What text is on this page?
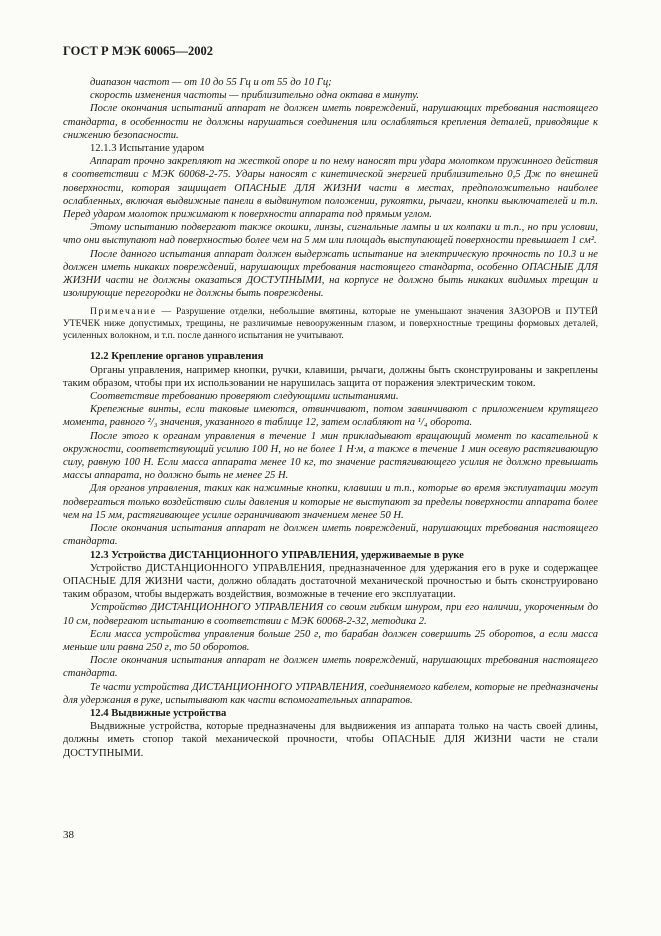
ГОСТ Р МЭК 60065—2002

диапазон частот — от 10 до 55 Гц и от 55 до 10 Гц;

скорость изменения частоты — приблизительно одна октава в минуту.

После окончания испытаний аппарат не должен иметь повреждений, нарушающих требования настоящего стандарта, в особенности не должны нарушаться соединения или ослабляться крепления деталей, приводящие к снижению безопасности.

12.1.3 Испытание ударом

Аппарат прочно закрепляют на жесткой опоре и по нему наносят три удара молотком пружинного действия в соответствии с МЭК 60068-2-75. Удары наносят с кинетической энергией приблизительно 0,5 Дж по внешней поверхности, которая защищает ОПАСНЫЕ ДЛЯ ЖИЗНИ части в местах, предположительно наиболее ослабленных, включая выдвижные панели в выдвинутом положении, рукоятки, рычаги, кнопки выключателей и т.п. Перед ударом молоток прижимают к поверхности аппарата под прямым углом.

Этому испытанию подвергают также окошки, линзы, сигнальные лампы и их колпаки и т.п., но при условии, что они выступают над поверхностью более чем на 5 мм или площадь выступающей поверхности превышает 1 см².

После данного испытания аппарат должен выдержать испытание на электрическую прочность по 10.3 и не должен иметь никаких повреждений, нарушающих требования настоящего стандарта, особенно ОПАСНЫЕ ДЛЯ ЖИЗНИ части не должны оказаться ДОСТУПНЫМИ, на корпусе не должно быть никаких видимых трещин и изолирующие перегородки не должны быть повреждены.

Примечание — Разрушение отделки, небольшие вмятины, которые не уменьшают значения ЗАЗОРОВ и ПУТЕЙ УТЕЧЕК ниже допустимых, трещины, не различимые невооруженным глазом, и поверхностные трещины формовых деталей, усиленных волокном, и т.п. после данного испытания не учитывают.

12.2 Крепление органов управления

Органы управления, например кнопки, ручки, клавиши, рычаги, должны быть сконструированы и закреплены таким образом, чтобы при их использовании не нарушилась защита от поражения электрическим током.

Соответствие требованию проверяют следующими испытаниями.

Крепежные винты, если таковые имеются, отвинчивают, потом завинчивают с приложением крутящего момента, равного ²/₃ значения, указанного в таблице 12, затем ослабляют на ¹/₄ оборота.

После этого к органам управления в течение 1 мин прикладывают вращающий момент по касательной к окружности, соответствующий усилию 100 Н, но не более 1 Н·м, а также в течение 1 мин осевую растягивающую силу, равную 100 Н. Если масса аппарата менее 10 кг, то значение растягивающего усилия не должно превышать массы аппарата, но должно быть не менее 25 Н.

Для органов управления, таких как нажимные кнопки, клавиши и т.п., которые во время эксплуатации могут подвергаться только воздействию силы давления и которые не выступают за пределы поверхности аппарата более чем на 15 мм, растягивающее усилие ограничивают значением менее 50 Н.

После окончания испытания аппарат не должен иметь повреждений, нарушающих требования настоящего стандарта.

12.3 Устройства ДИСТАНЦИОННОГО УПРАВЛЕНИЯ, удерживаемые в руке

Устройство ДИСТАНЦИОННОГО УПРАВЛЕНИЯ, предназначенное для удержания его в руке и содержащее ОПАСНЫЕ ДЛЯ ЖИЗНИ части, должно обладать достаточной механической прочностью и быть сконструировано таким образом, чтобы выдержать воздействия, возможные в течение его эксплуатации.

Устройство ДИСТАНЦИОННОГО УПРАВЛЕНИЯ со своим гибким шнуром, при его наличии, укороченным до 10 см, подвергают испытанию в соответствии с МЭК 60068-2-32, методика 2.

Если масса устройства управления больше 250 г, то барабан должен совершить 25 оборотов, а если масса меньше или равна 250 г, то 50 оборотов.

После окончания испытания аппарат не должен иметь повреждений, нарушающих требования настоящего стандарта.

Те части устройства ДИСТАНЦИОННОГО УПРАВЛЕНИЯ, соединяемого кабелем, которые не предназначены для удержания в руке, испытывают как части вспомогательных аппаратов.

12.4 Выдвижные устройства

Выдвижные устройства, которые предназначены для выдвижения из аппарата только на часть своей длины, должны иметь стопор такой механической прочности, чтобы ОПАСНЫЕ ДЛЯ ЖИЗНИ части не стали ДОСТУПНЫМИ.

38
